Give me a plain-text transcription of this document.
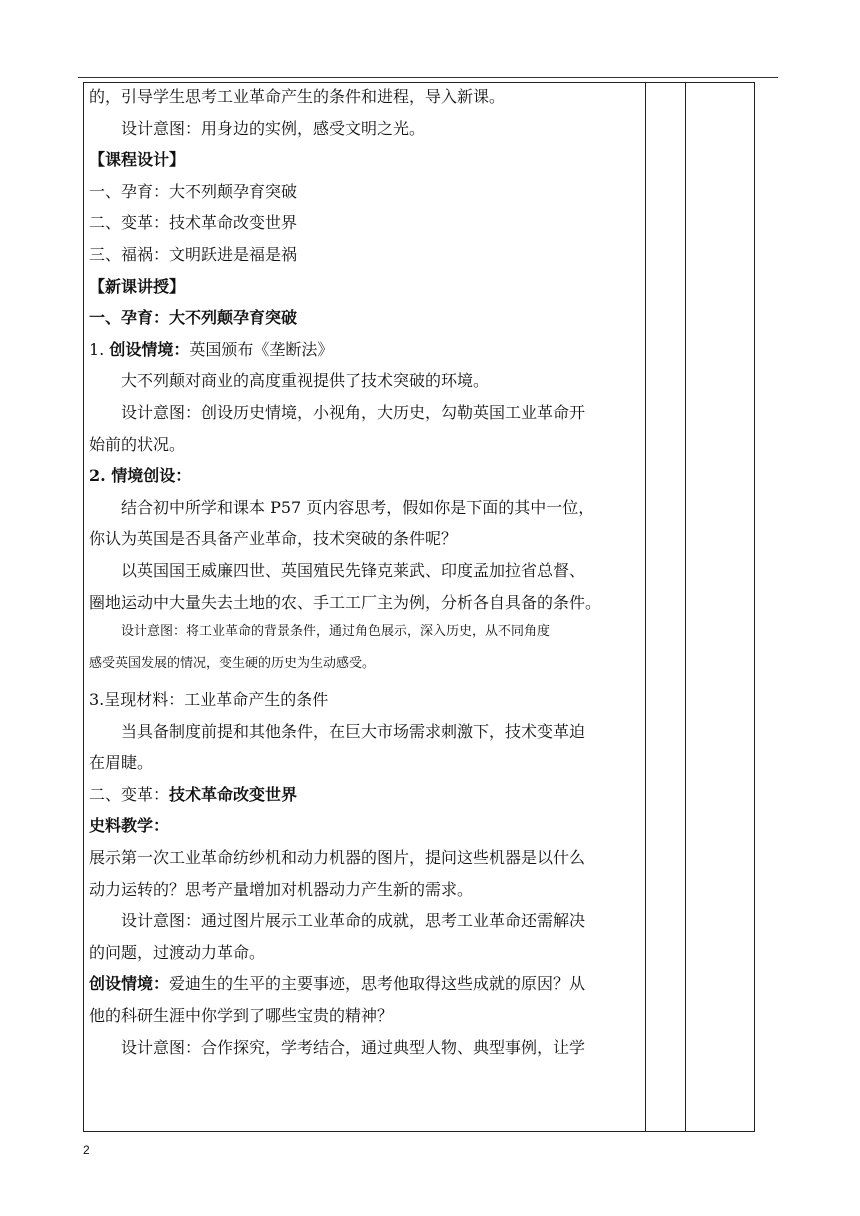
的，引导学生思考工业革命产生的条件和进程，导入新课。
设计意图：用身边的实例，感受文明之光。
【课程设计】
一、孕育：大不列颠孕育突破
二、变革：技术革命改变世界
三、福祸：文明跃进是福是祸
【新课讲授】
一、孕育：大不列颠孕育突破
1. 创设情境：英国颁布《垄断法》
大不列颠对商业的高度重视提供了技术突破的环境。
设计意图：创设历史情境，小视角，大历史，勾勒英国工业革命开
始前的状况。
2. 情境创设：
结合初中所学和课本 P57 页内容思考，假如你是下面的其中一位，
你认为英国是否具备产业革命，技术突破的条件呢？
以英国国王威廉四世、英国殖民先锋克莱武、印度孟加拉省总督、
圈地运动中大量失去土地的农、手工工厂主为例，分析各自具备的条件。
设计意图：将工业革命的背景条件，通过角色展示，深入历史，从不同角度
感受英国发展的情况，变生硬的历史为生动感受。
3.呈现材料：工业革命产生的条件
当具备制度前提和其他条件，在巨大市场需求刺激下，技术变革迫
在眉睫。
二、变革：技术革命改变世界
史料教学：
展示第一次工业革命纺纱机和动力机器的图片，提问这些机器是以什么
动力运转的？思考产量增加对机器动力产生新的需求。
设计意图：通过图片展示工业革命的成就，思考工业革命还需解决
的问题，过渡动力革命。
创设情境：爱迪生的生平的主要事迹，思考他取得这些成就的原因？从
他的科研生涯中你学到了哪些宝贵的精神？
设计意图：合作探究，学考结合，通过典型人物、典型事例，让学
2
